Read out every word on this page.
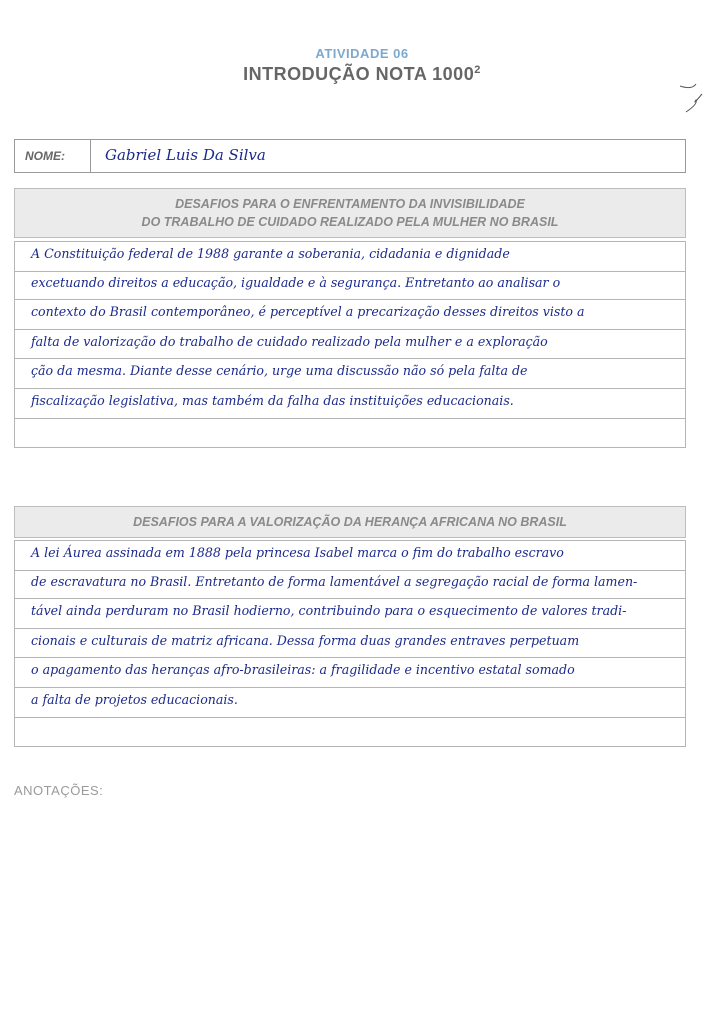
ATIVIDADE 06
INTRODUÇÃO NOTA 1000$^2$
NOME:	Gabriel Luis Da Silva
DESAFIOS PARA O ENFRENTAMENTO DA INVISIBILIDADE
DO TRABALHO DE CUIDADO REALIZADO PELA MULHER NO BRASIL
A Constituição federal de 1988 garante a soberania, cidadania e dignidade
excetuando direitos a educação, igualdade e à segurança. Entretanto ao analisar o
contexto do Brasil contemporâneo, é perceptível a precarização desses direitos visto a
falta de valorização do trabalho de cuidado realizado pela mulher e a exploração
ção da mesma. Diante desse cenário, urge uma discussão não só pela falta de
fiscalização legislativa, mas também da falha das instituições educacionais.
DESAFIOS PARA A VALORIZAÇÃO DA HERANÇA AFRICANA NO BRASIL
A lei Áurea assinada em 1888 pela princesa Isabel marca o fim do trabalho escravo
de escravatura no Brasil. Entretanto de forma lamentável a segregação racial de forma lamen-
tável ainda perduram no Brasil hodierno, contribuindo para o esquecimento de valores tradi-
cionais e culturais de matriz africana. Dessa forma duas grandes entraves perpetuam
o apagamento das heranças afro-brasileiras: a fragilidade e incentivo estatal somado
a falta de projetos educacionais.
ANOTAÇÕES:
